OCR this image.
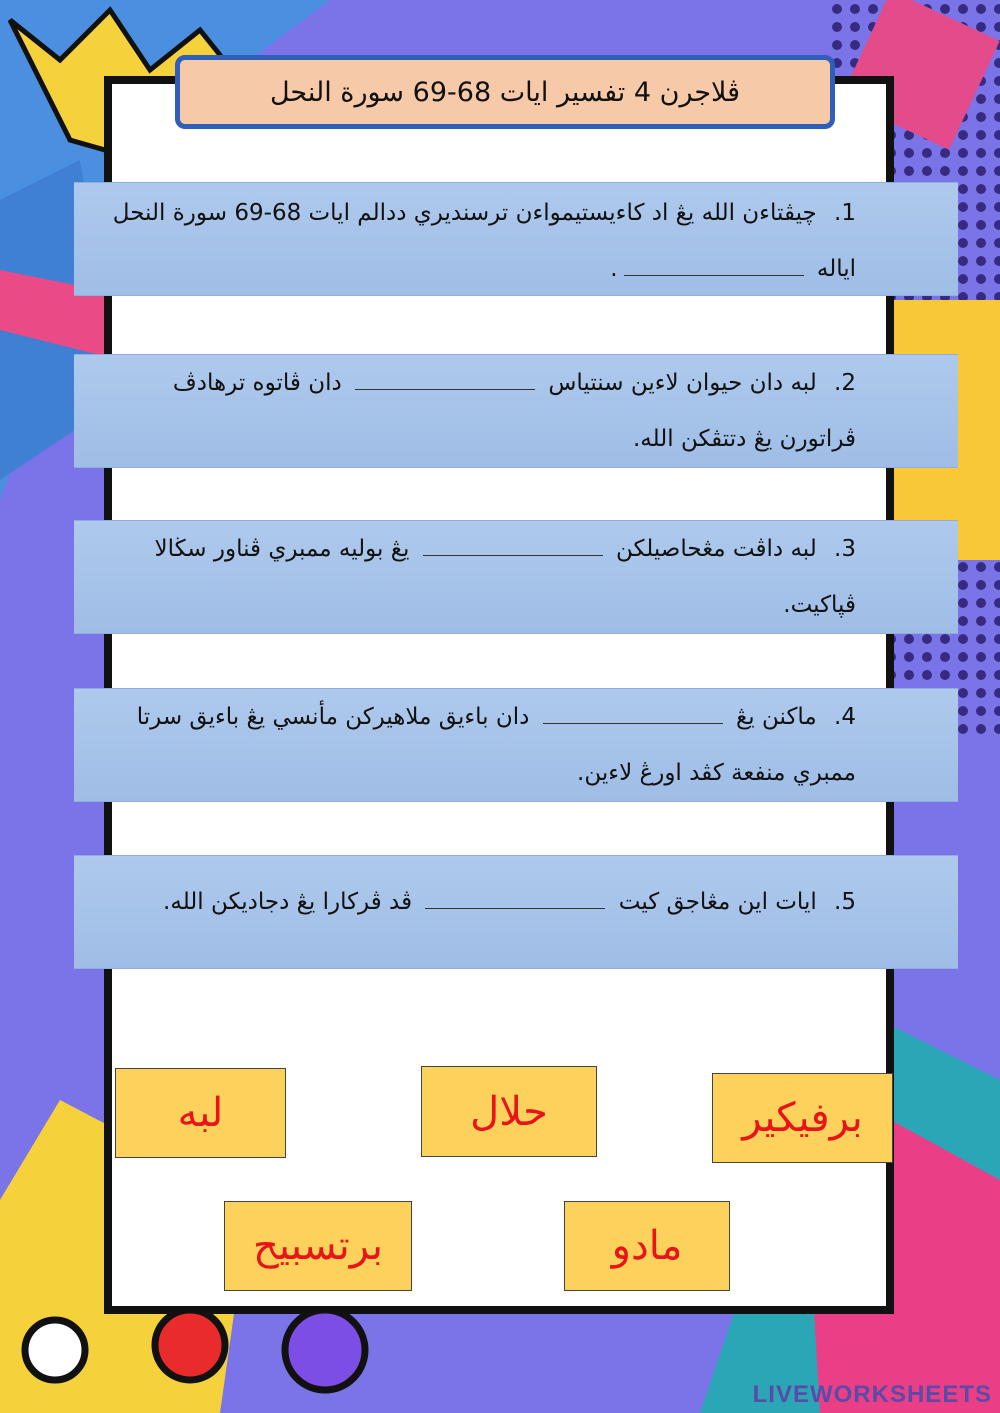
ڤلاجرن 4 تفسير ايات 68-69 سورة النحل
1. چيڤتاءن الله يڠ اد كاءيستيمواءن ترسنديري ددالم ايات 68-69 سورة النحل
اياله .
2. لبه دان حيوان لاءين سنتياس  دان ڤاتوه ترهادڤ
ڤراتورن يڠ دتتڤكن الله.
3. لبه داڤت مڠحاصيلكن  يڠ بوليه ممبري ڤناور سڬالا
ڤڽاكيت.
4. ماكنن يڠ  دان باءيق ملاهيركن مأنسي يڠ باءيق سرتا
ممبري منفعة كڤد اورڠ لاءين.
5. ايات اين مڠاجق كيت  ڤد ڤركارا يڠ دجاديكن الله.
لبه	حلال	برفيكير
برتسبيح	مادو
LIVEWORKSHEETS
